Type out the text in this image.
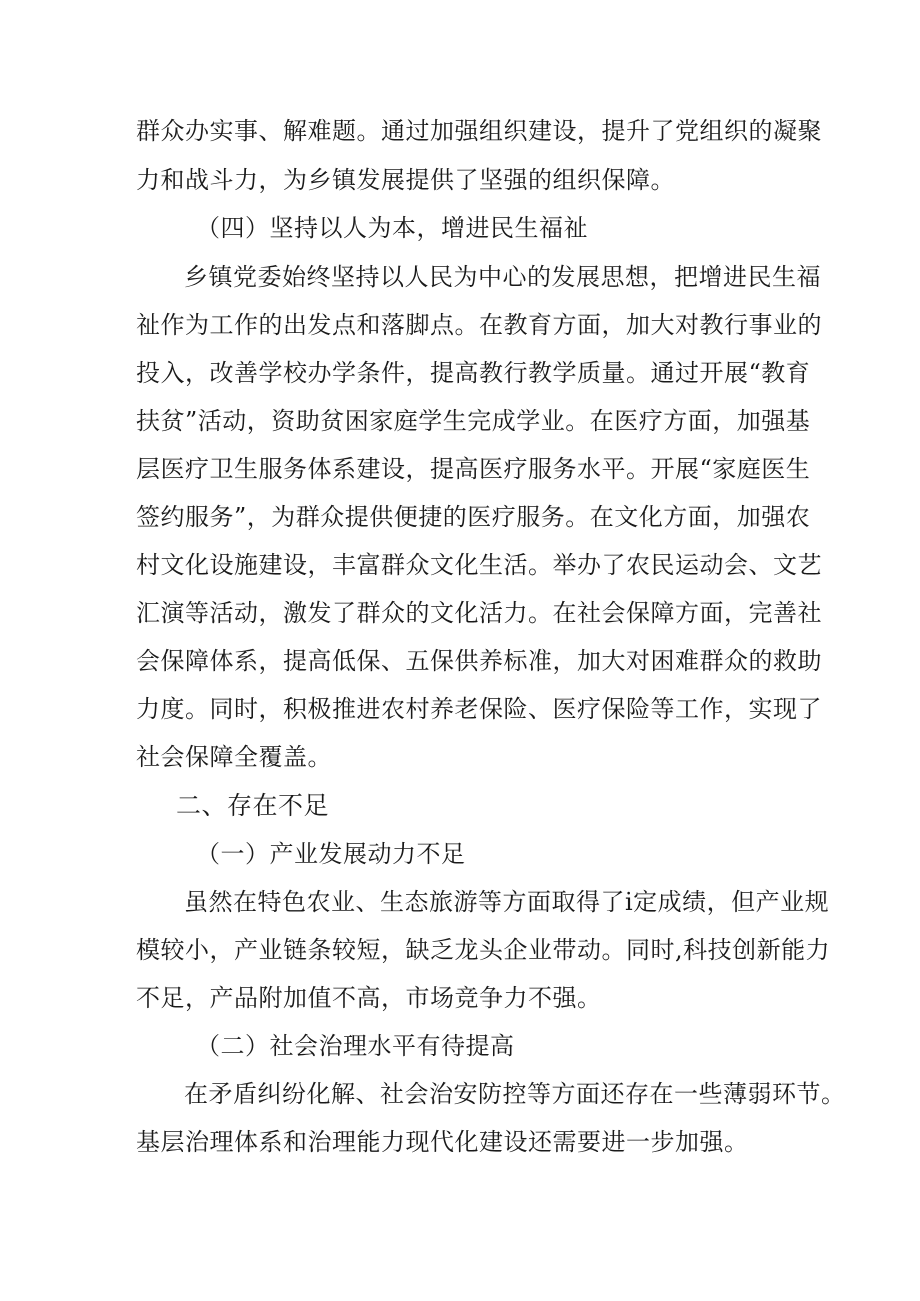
群众办实事、解难题。通过加强组织建设，提升了党组织的凝聚
力和战斗力，为乡镇发展提供了坚强的组织保障。
（四）坚持以人为本，增进民生福祉
乡镇党委始终坚持以人民为中心的发展思想，把增进民生福
祉作为工作的出发点和落脚点。在教育方面，加大对教行事业的
投入，改善学校办学条件，提高教行教学质量。通过开展“教育
扶贫”活动，资助贫困家庭学生完成学业。在医疗方面，加强基
层医疗卫生服务体系建设，提高医疗服务水平。开展“家庭医生
签约服务”，为群众提供便捷的医疗服务。在文化方面，加强农
村文化设施建设，丰富群众文化生活。举办了农民运动会、文艺
汇演等活动，激发了群众的文化活力。在社会保障方面，完善社
会保障体系，提高低保、五保供养标准，加大对困难群众的救助
力度。同时，积极推进农村养老保险、医疗保险等工作，实现了
社会保障全覆盖。
二、存在不足
（一）产业发展动力不足
虽然在特色农业、生态旅游等方面取得了i定成绩，但产业规
模较小，产业链条较短，缺乏龙头企业带动。同时,科技创新能力
不足，产品附加值不高，市场竞争力不强。
（二）社会治理水平有待提高
在矛盾纠纷化解、社会治安防控等方面还存在一些薄弱环节。
基层治理体系和治理能力现代化建设还需要进一步加强。
